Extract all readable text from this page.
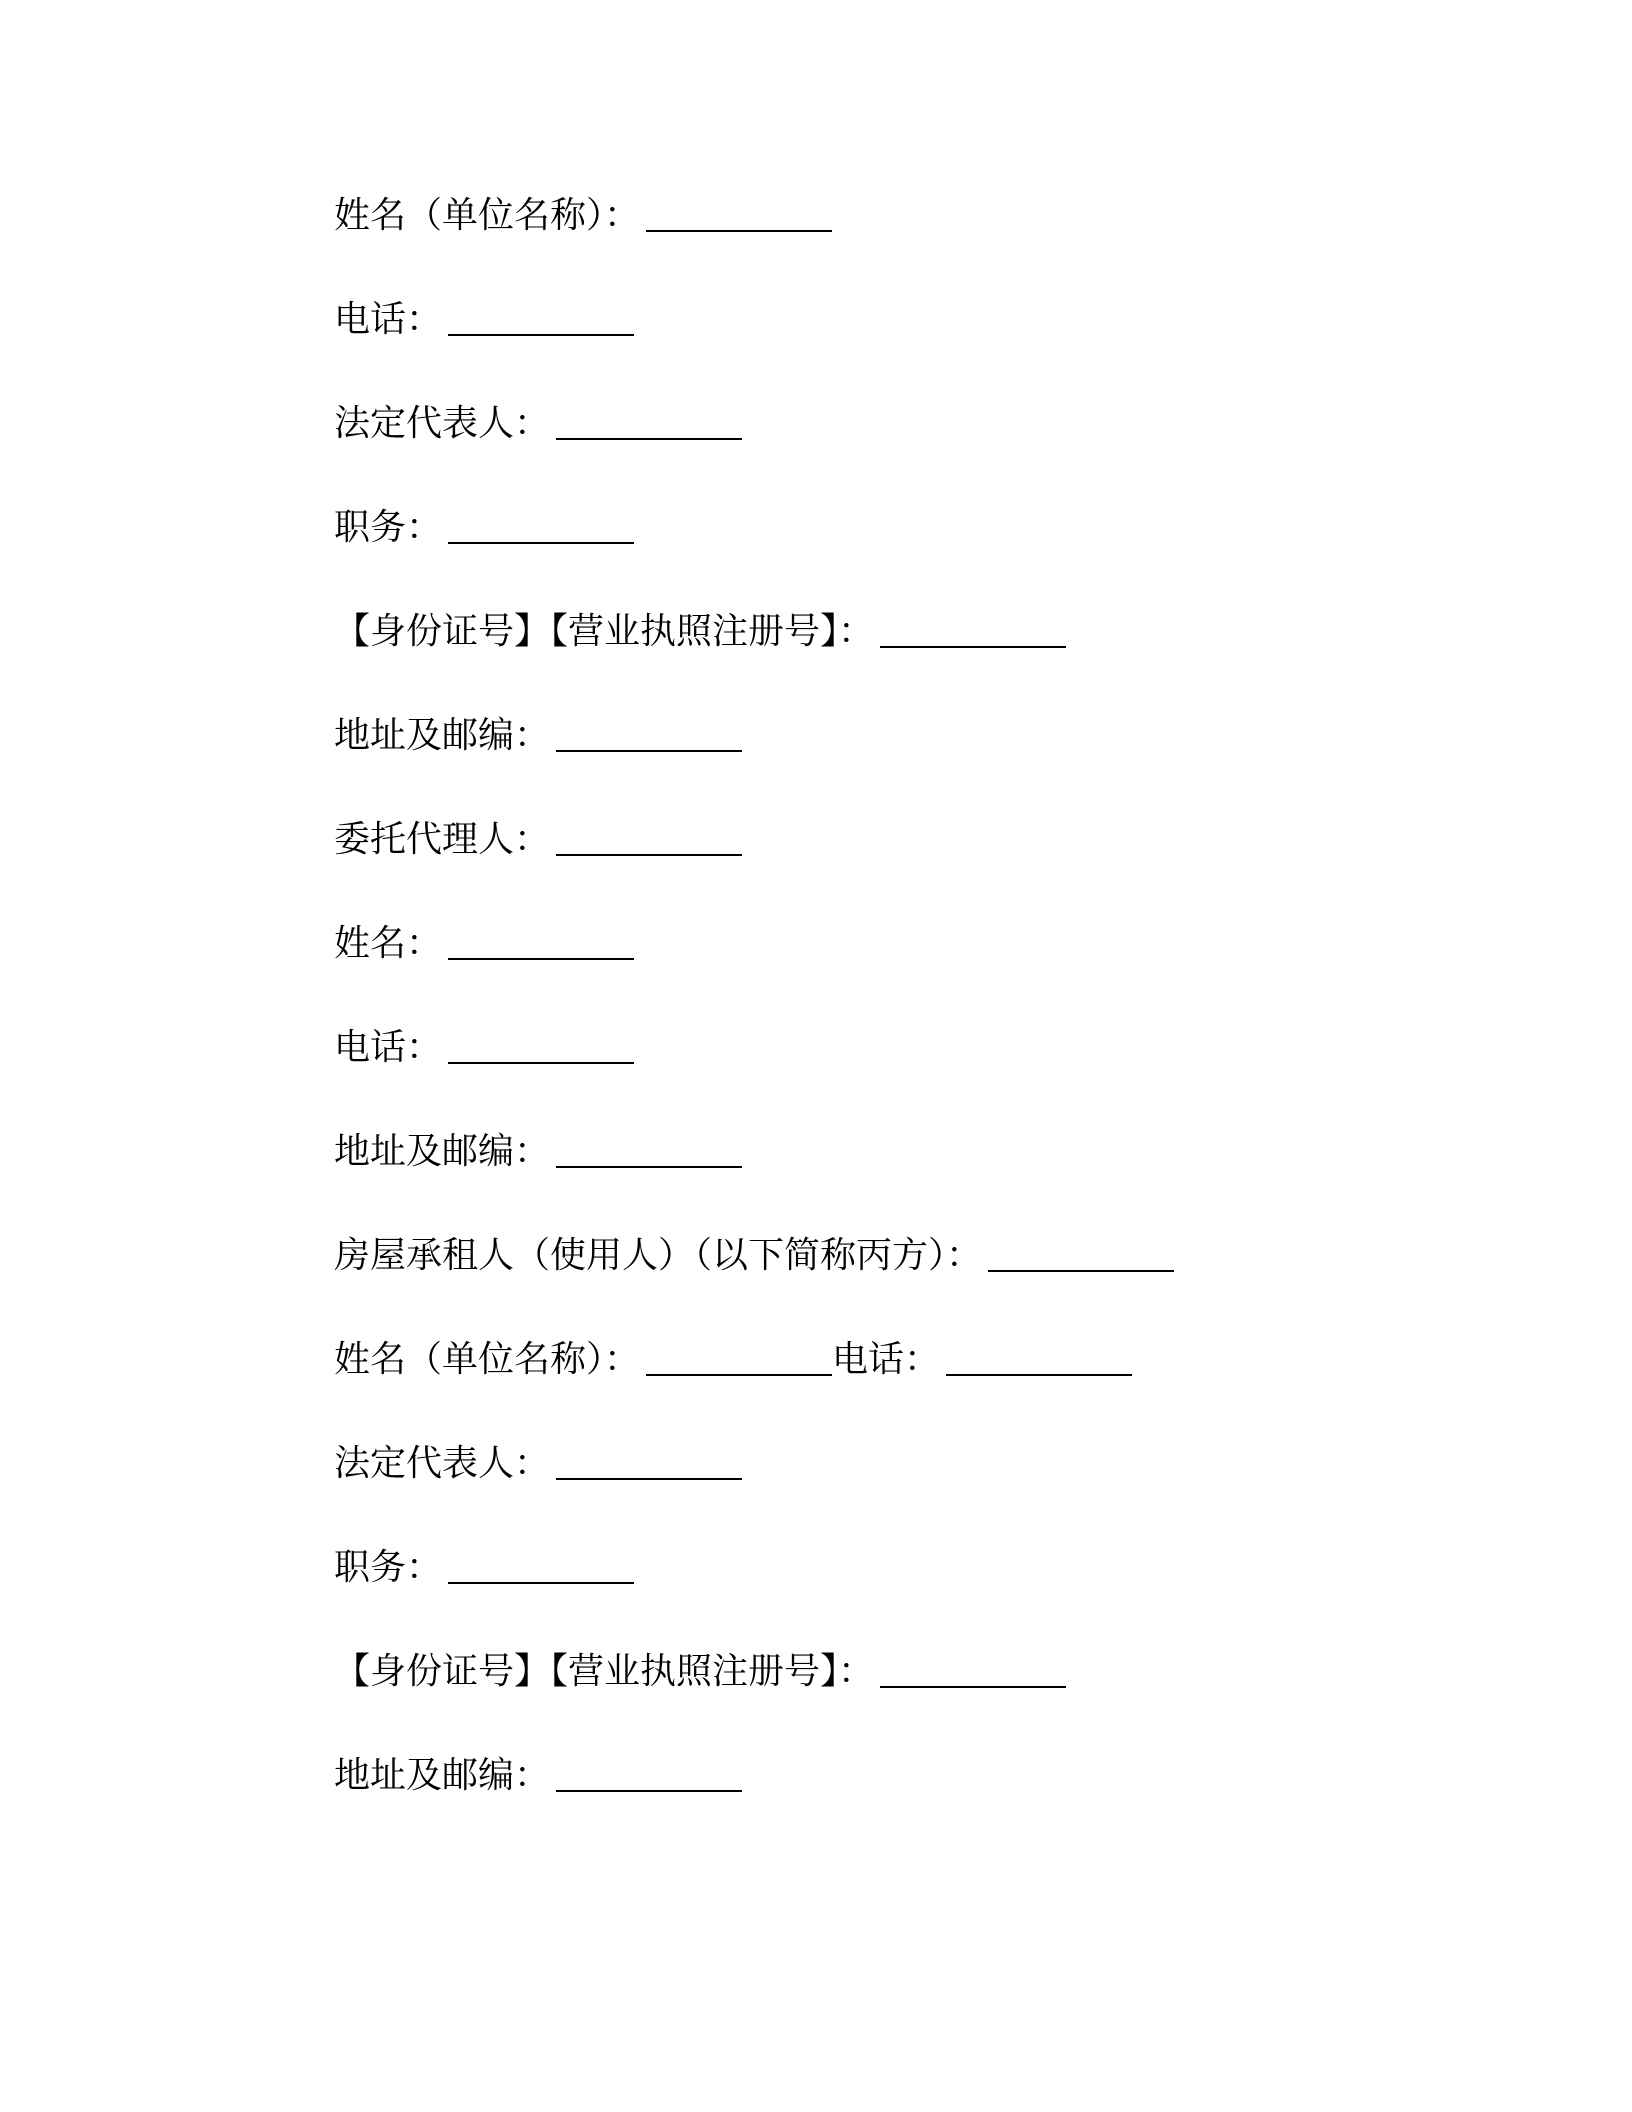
姓名（单位名称）：
电话：
法定代表人：
职务：
【身份证号】【营业执照注册号】：
地址及邮编：
委托代理人：
姓名：
电话：
地址及邮编：
房屋承租人（使用人）（以下简称丙方）：
姓名（单位名称）：	电话：
法定代表人：
职务：
【身份证号】【营业执照注册号】：
地址及邮编：
